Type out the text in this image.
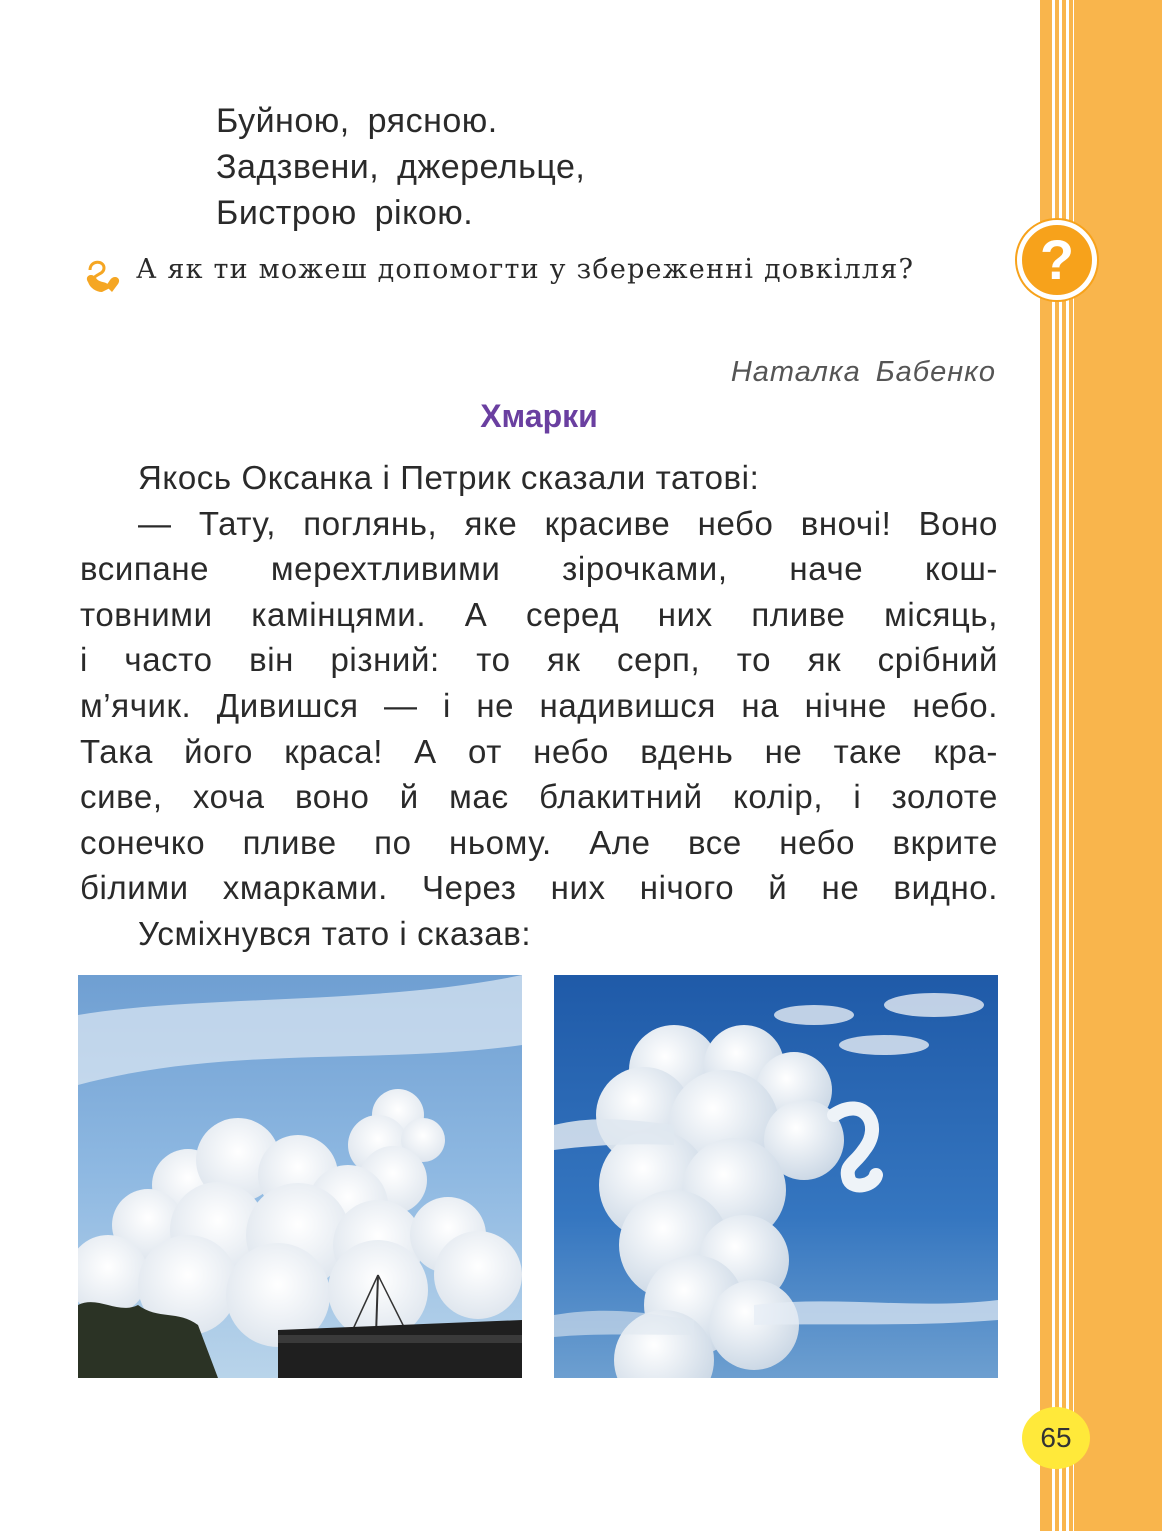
Буйною, рясною.
Задзвени, джерельце,
Бистрою рікою.
А як ти можеш допомогти у збереженні довкілля?	?
Наталка Бабенко
Хмарки
Якось Оксанка і Петрик сказали татові:
— Тату, поглянь, яке красиве небо вночі! Воно
всипане мерехтливими зірочками, наче кош-
товними камінцями. А серед них пливе місяць,
і часто він різний: то як серп, то як срібний
м’ячик. Дивишся — і не надивишся на нічне небо.
Така його краса! А от небо вдень не таке кра-
сиве, хоча воно й має блакитний колір, і золоте
сонечко пливе по ньому. Але все небо вкрите
білими хмарками. Через них нічого й не видно.
Усміхнувся тато і сказав:
65
